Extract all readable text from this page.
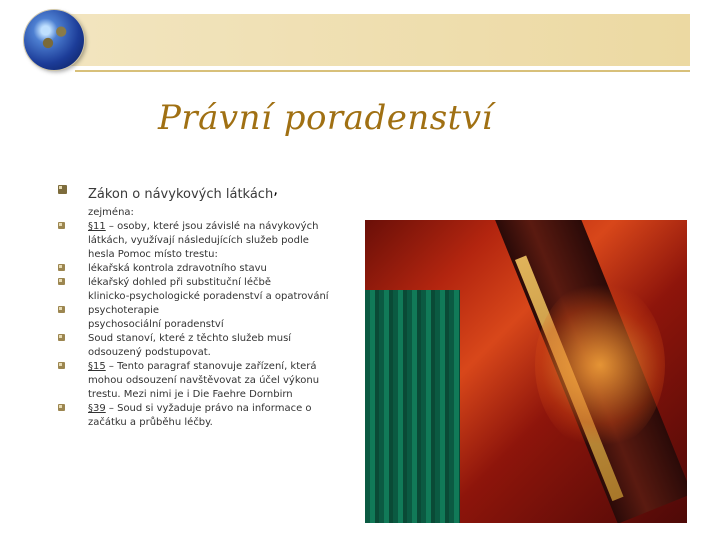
Právní poradenství
Zákon o návykových látkách,
zejména:
§11 – osoby, které jsou závislé na návykových
látkách, využívají následujících služeb podle
hesla Pomoc místo trestu:
lékařská kontrola zdravotního stavu
lékařský dohled při substituční léčbě
klinicko-psychologické poradenství a opatrování
psychoterapie
psychosociální poradenství
Soud stanoví, které z těchto služeb musí
odsouzený podstupovat.
§15 – Tento paragraf stanovuje zařízení, která
mohou odsouzení navštěvovat za účel výkonu
trestu. Mezi nimi je i Die Faehre Dornbirn
§39 – Soud si vyžaduje právo na informace o
začátku a průběhu léčby.
